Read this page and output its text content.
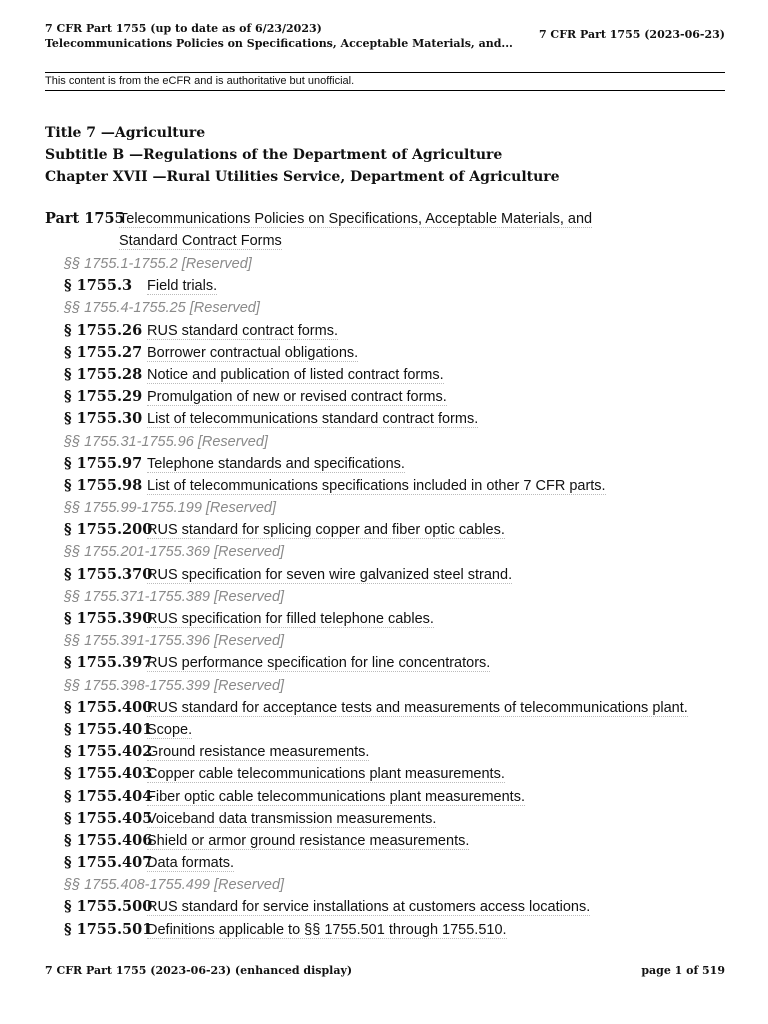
7 CFR Part 1755 (up to date as of 6/23/2023)
Telecommunications Policies on Specifications, Acceptable Materials, and...
7 CFR Part 1755 (2023-06-23)
This content is from the eCFR and is authoritative but unofficial.
Title 7 —Agriculture
Subtitle B —Regulations of the Department of Agriculture
Chapter XVII —Rural Utilities Service, Department of Agriculture
Part 1755
Telecommunications Policies on Specifications, Acceptable Materials, and Standard Contract Forms
§§ 1755.1-1755.2 [Reserved]
§ 1755.3 Field trials.
§§ 1755.4-1755.25 [Reserved]
§ 1755.26 RUS standard contract forms.
§ 1755.27 Borrower contractual obligations.
§ 1755.28 Notice and publication of listed contract forms.
§ 1755.29 Promulgation of new or revised contract forms.
§ 1755.30 List of telecommunications standard contract forms.
§§ 1755.31-1755.96 [Reserved]
§ 1755.97 Telephone standards and specifications.
§ 1755.98 List of telecommunications specifications included in other 7 CFR parts.
§§ 1755.99-1755.199 [Reserved]
§ 1755.200RUS standard for splicing copper and fiber optic cables.
§§ 1755.201-1755.369 [Reserved]
§ 1755.370RUS specification for seven wire galvanized steel strand.
§§ 1755.371-1755.389 [Reserved]
§ 1755.390RUS specification for filled telephone cables.
§§ 1755.391-1755.396 [Reserved]
§ 1755.397RUS performance specification for line concentrators.
§§ 1755.398-1755.399 [Reserved]
§ 1755.400RUS standard for acceptance tests and measurements of telecommunications plant.
§ 1755.401Scope.
§ 1755.402Ground resistance measurements.
§ 1755.403Copper cable telecommunications plant measurements.
§ 1755.404Fiber optic cable telecommunications plant measurements.
§ 1755.405Voiceband data transmission measurements.
§ 1755.406Shield or armor ground resistance measurements.
§ 1755.407Data formats.
§§ 1755.408-1755.499 [Reserved]
§ 1755.500RUS standard for service installations at customers access locations.
§ 1755.501Definitions applicable to §§ 1755.501 through 1755.510.
7 CFR Part 1755 (2023-06-23) (enhanced display)	page 1 of 519
